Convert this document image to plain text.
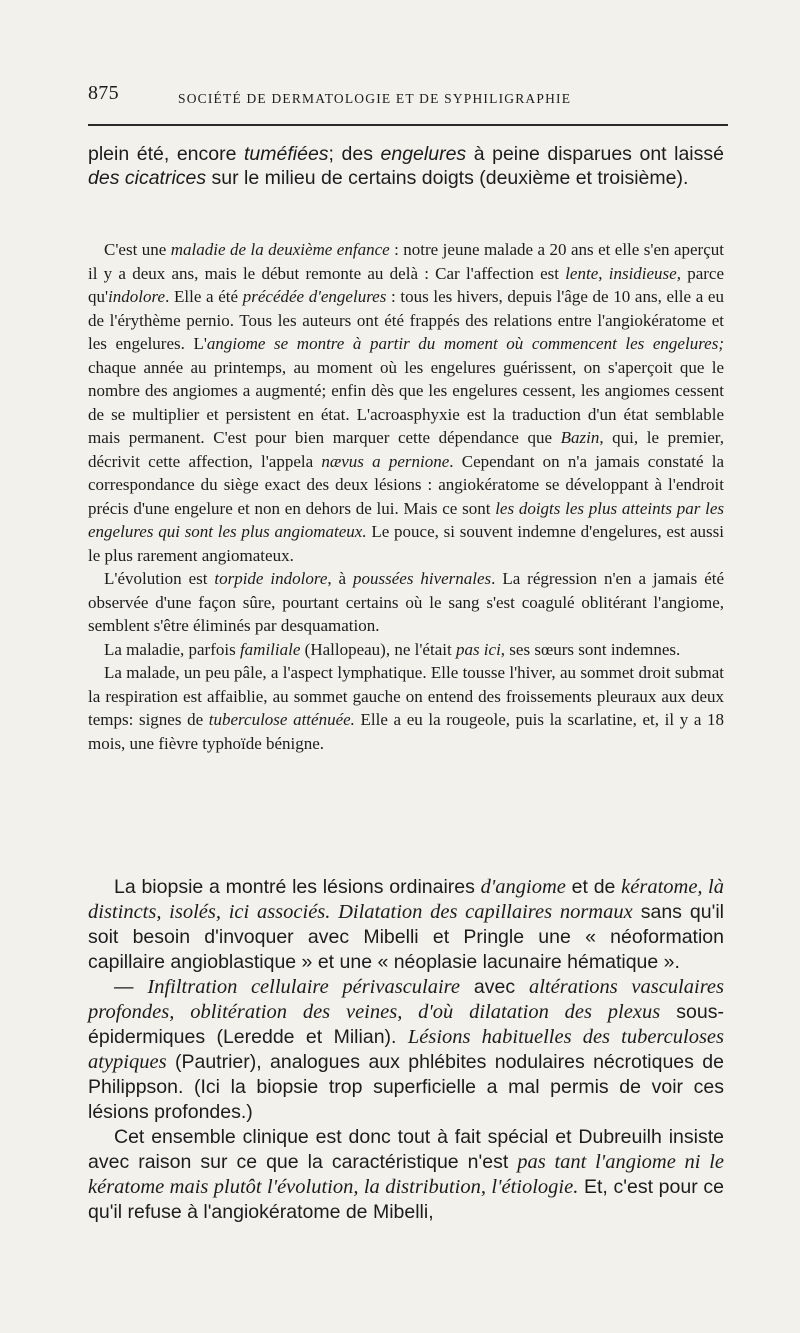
875	SOCIÉTÉ DE DERMATOLOGIE ET DE SYPHILIGRAPHIE

plein été, encore tuméfiées; des engelures à peine disparues ont laissé des cicatrices sur le milieu de certains doigts (deuxième et troisième).

C'est une maladie de la deuxième enfance : notre jeune malade a 20 ans et elle s'en aperçut il y a deux ans, mais le début remonte au delà : Car l'affection est lente, insidieuse, parce qu'indolore. Elle a été précédée d'engelures : tous les hivers, depuis l'âge de 10 ans, elle a eu de l'érythème pernio. Tous les auteurs ont été frappés des relations entre l'angiokératome et les engelures. L'angiome se montre à partir du moment où commencent les engelures; chaque année au printemps, au moment où les engelures guérissent, on s'aperçoit que le nombre des angiomes a augmenté; enfin dès que les engelures cessent, les angiomes cessent de se multiplier et persistent en état. L'acroasphyxie est la traduction d'un état semblable mais permanent. C'est pour bien marquer cette dépendance que Bazin, qui, le premier, décrivit cette affection, l'appela nævus a pernione. Cependant on n'a jamais constaté la correspondance du siège exact des deux lésions : angiokératome se développant à l'endroit précis d'une engelure et non en dehors de lui. Mais ce sont les doigts les plus atteints par les engelures qui sont les plus angiomateux. Le pouce, si souvent indemne d'engelures, est aussi le plus rarement angiomateux.

L'évolution est torpide indolore, à poussées hivernales. La régression n'en a jamais été observée d'une façon sûre, pourtant certains où le sang s'est coagulé oblitérant l'angiome, semblent s'être éliminés par desquamation.

La maladie, parfois familiale (Hallopeau), ne l'était pas ici, ses sœurs sont indemnes.

La malade, un peu pâle, a l'aspect lymphatique. Elle tousse l'hiver, au sommet droit submat la respiration est affaiblie, au sommet gauche on entend des froissements pleuraux aux deux temps: signes de tuberculose atténuée. Elle a eu la rougeole, puis la scarlatine, et, il y a 18 mois, une fièvre typhoïde bénigne.

La biopsie a montré les lésions ordinaires d'angiome et de kératome, là distincts, isolés, ici associés. Dilatation des capillaires normaux sans qu'il soit besoin d'invoquer avec Mibelli et Pringle une « néoformation capillaire angioblastique » et une « néoplasie lacunaire hématique ».

— Infiltration cellulaire périvasculaire avec altérations vasculaires profondes, oblitération des veines, d'où dilatation des plexus sous-épidermiques (Leredde et Milian). Lésions habituelles des tuberculoses atypiques (Pautrier), analogues aux phlébites nodulaires nécrotiques de Philippson. (Ici la biopsie trop superficielle a mal permis de voir ces lésions profondes.)

Cet ensemble clinique est donc tout à fait spécial et Dubreuilh insiste avec raison sur ce que la caractéristique n'est pas tant l'angiome ni le kératome mais plutôt l'évolution, la distribution, l'étiologie. Et, c'est pour ce qu'il refuse à l'angiokératome de Mibelli,
